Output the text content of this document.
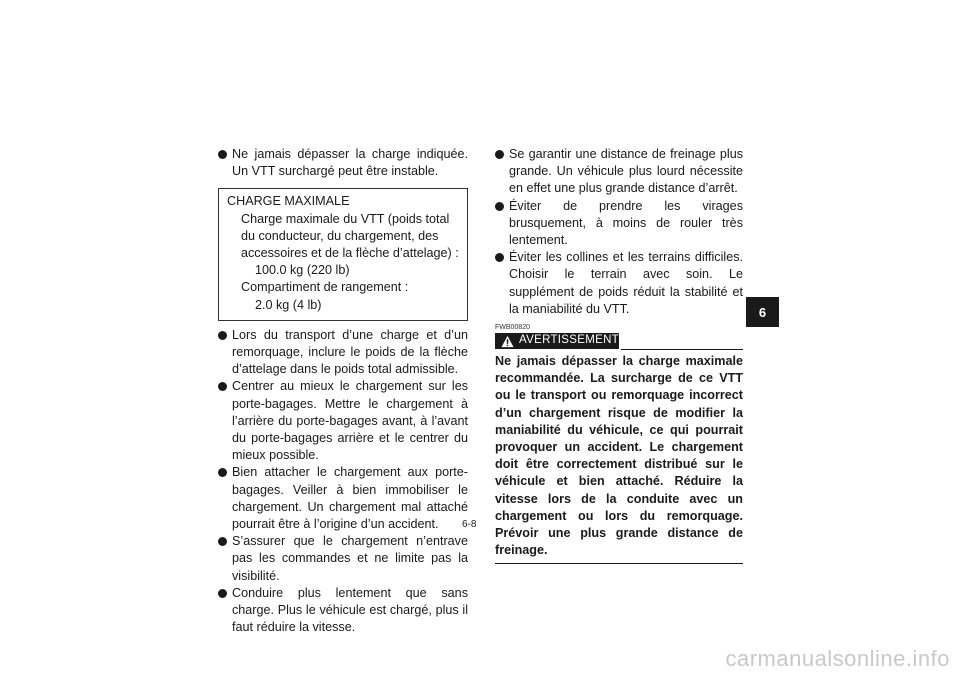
Ne jamais dépasser la charge indiquée. Un VTT surchargé peut être instable.
CHARGE MAXIMALE
Charge maximale du VTT (poids total du conducteur, du chargement, des accessoires et de la flèche d’attelage) :
100.0 kg (220 lb)
Compartiment de rangement :
2.0 kg (4 lb)
Lors du transport d’une charge et d’un remorquage, inclure le poids de la flèche d’attelage dans le poids total admissible.
Centrer au mieux le chargement sur les porte-bagages. Mettre le chargement à l’arrière du porte-bagages avant, à l’avant du porte-bagages arrière et le centrer du mieux possible.
Bien attacher le chargement aux porte-bagages. Veiller à bien immobiliser le chargement. Un chargement mal attaché pourrait être à l’origine d’un accident.
S’assurer que le chargement n’entrave pas les commandes et ne limite pas la visibilité.
Conduire plus lentement que sans charge. Plus le véhicule est chargé, plus il faut réduire la vitesse.
Se garantir une distance de freinage plus grande. Un véhicule plus lourd nécessite en effet une plus grande distance d’arrêt.
Éviter de prendre les virages brusquement, à moins de rouler très lentement.
Éviter les collines et les terrains difficiles. Choisir le terrain avec soin. Le supplément de poids réduit la stabilité et la maniabilité du VTT.
FWB00820
AVERTISSEMENT
Ne jamais dépasser la charge maximale recommandée. La surcharge de ce VTT ou le transport ou remorquage incorrect d’un chargement risque de modifier la maniabilité du véhicule, ce qui pourrait provoquer un accident. Le chargement doit être correctement distribué sur le véhicule et bien attaché. Réduire la vitesse lors de la conduite avec un chargement ou lors du remorquage. Prévoir une plus grande distance de freinage.
6-8
6
carmanualsonline.info
